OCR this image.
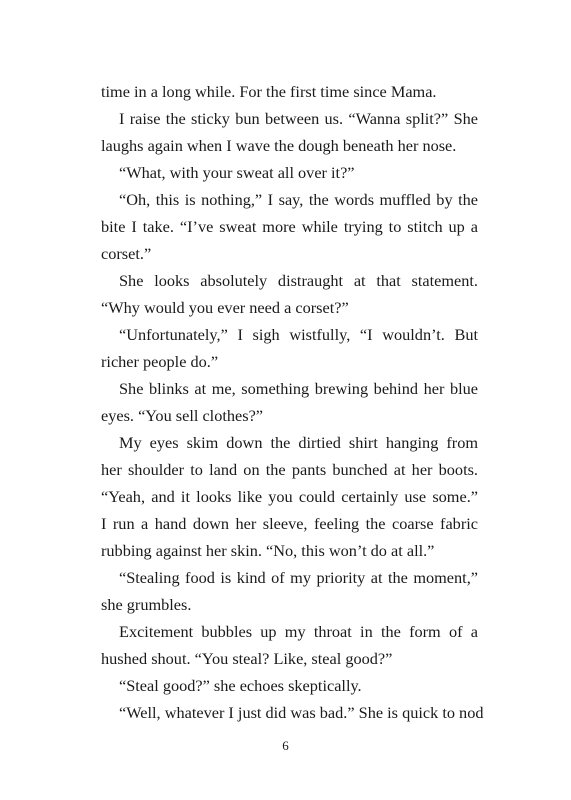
time in a long while. For the first time since Mama.
I raise the sticky bun between us. “Wanna split?” She
laughs again when I wave the dough beneath her nose.
“What, with your sweat all over it?”
“Oh, this is nothing,” I say, the words muffled by the
bite I take. “I’ve sweat more while trying to stitch up a
corset.”
She looks absolutely distraught at that statement.
“Why would you ever need a corset?”
“Unfortunately,” I sigh wistfully, “I wouldn’t. But
richer people do.”
She blinks at me, something brewing behind her blue
eyes. “You sell clothes?”
My eyes skim down the dirtied shirt hanging from
her shoulder to land on the pants bunched at her boots.
“Yeah, and it looks like you could certainly use some.”
I run a hand down her sleeve, feeling the coarse fabric
rubbing against her skin. “No, this won’t do at all.”
“Stealing food is kind of my priority at the moment,”
she grumbles.
Excitement bubbles up my throat in the form of a
hushed shout. “You steal? Like, steal good?”
“Steal good?” she echoes skeptically.
“Well, whatever I just did was bad.” She is quick to nod
6
